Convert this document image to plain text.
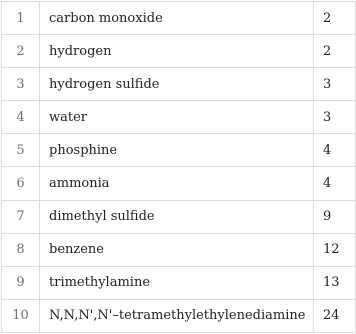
1	carbon monoxide	2
2	hydrogen	2
3	hydrogen sulfide	3
4	water	3
5	phosphine	4
6	ammonia	4
7	dimethyl sulfide	9
8	benzene	12
9	trimethylamine	13
10	N,N,N',N'–tetramethylethylenediamine	24
